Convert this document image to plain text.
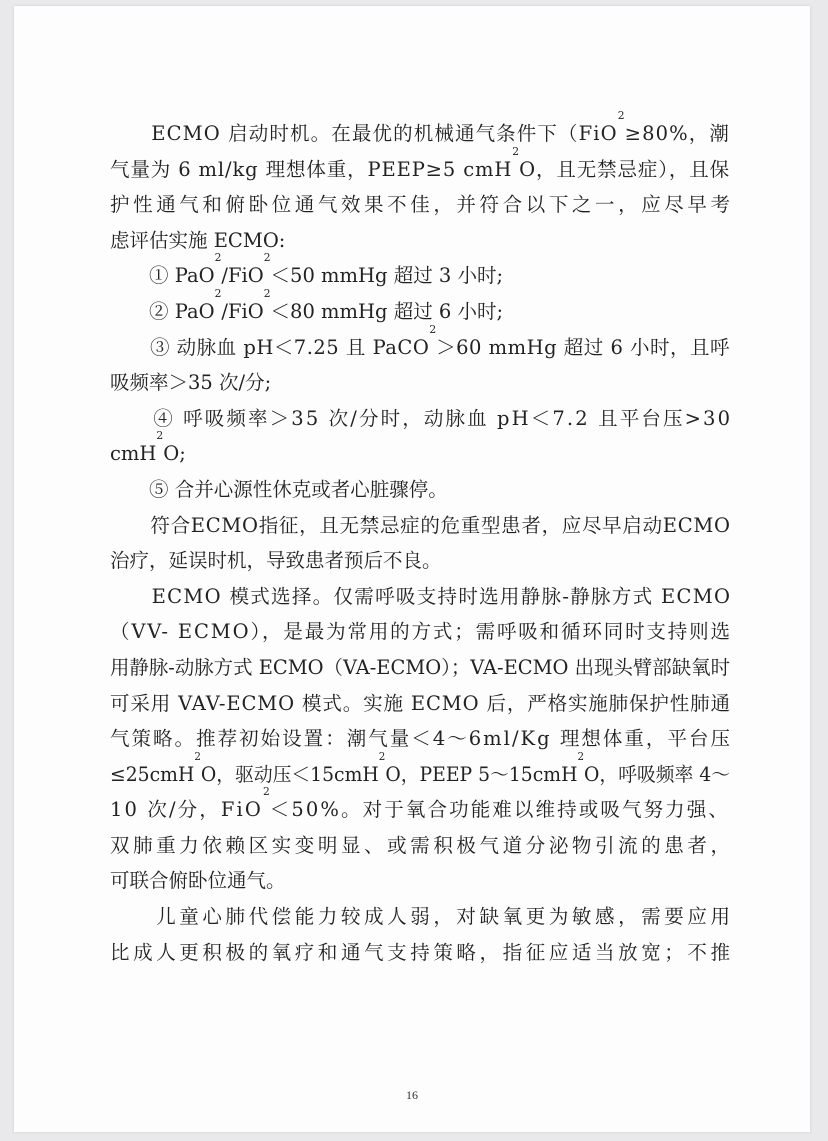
　　ECMO 启动时机。在最优的机械通气条件下（FiO
2
≥80%，潮
气量为 6 ml/kg 理想体重，PEEP≥5 cmH
2
O，且无禁忌症），且保
护性通气和俯卧位通气效果不佳，并符合以下之一，应尽早考
虑评估实施 ECMO:
　　① PaO
2
/FiO
2
＜50 mmHg 超过 3 小时;
　　② PaO
2
/FiO
2
＜80 mmHg 超过 6 小时;
　　③ 动脉血 pH＜7.25 且 PaCO
2
＞60 mmHg 超过 6 小时，且呼
吸频率＞35 次/分;
　　④ 呼吸频率＞35 次/分时，动脉血 pH＜7.2 且平台压>30
cmH
2
O;
　　⑤ 合并心源性休克或者心脏骤停。
　　符合ECMO指征，且无禁忌症的危重型患者，应尽早启动ECMO
治疗，延误时机，导致患者预后不良。
　　ECMO 模式选择。仅需呼吸支持时选用静脉-静脉方式 ECMO
（VV- ECMO），是最为常用的方式；需呼吸和循环同时支持则选
用静脉-动脉方式 ECMO（VA-ECMO）；VA-ECMO 出现头臂部缺氧时
可采用 VAV-ECMO 模式。实施 ECMO 后，严格实施肺保护性肺通
气策略。推荐初始设置：潮气量＜4～6ml/Kg 理想体重，平台压
≤25cmH
2
O，驱动压＜15cmH
2
O，PEEP 5～15cmH
2
O，呼吸频率 4～
10 次/分，FiO
2
＜50%。对于氧合功能难以维持或吸气努力强、
双肺重力依赖区实变明显、或需积极气道分泌物引流的患者，
可联合俯卧位通气。
　　儿童心肺代偿能力较成人弱，对缺氧更为敏感，需要应用
比成人更积极的氧疗和通气支持策略，指征应适当放宽；不推
16
